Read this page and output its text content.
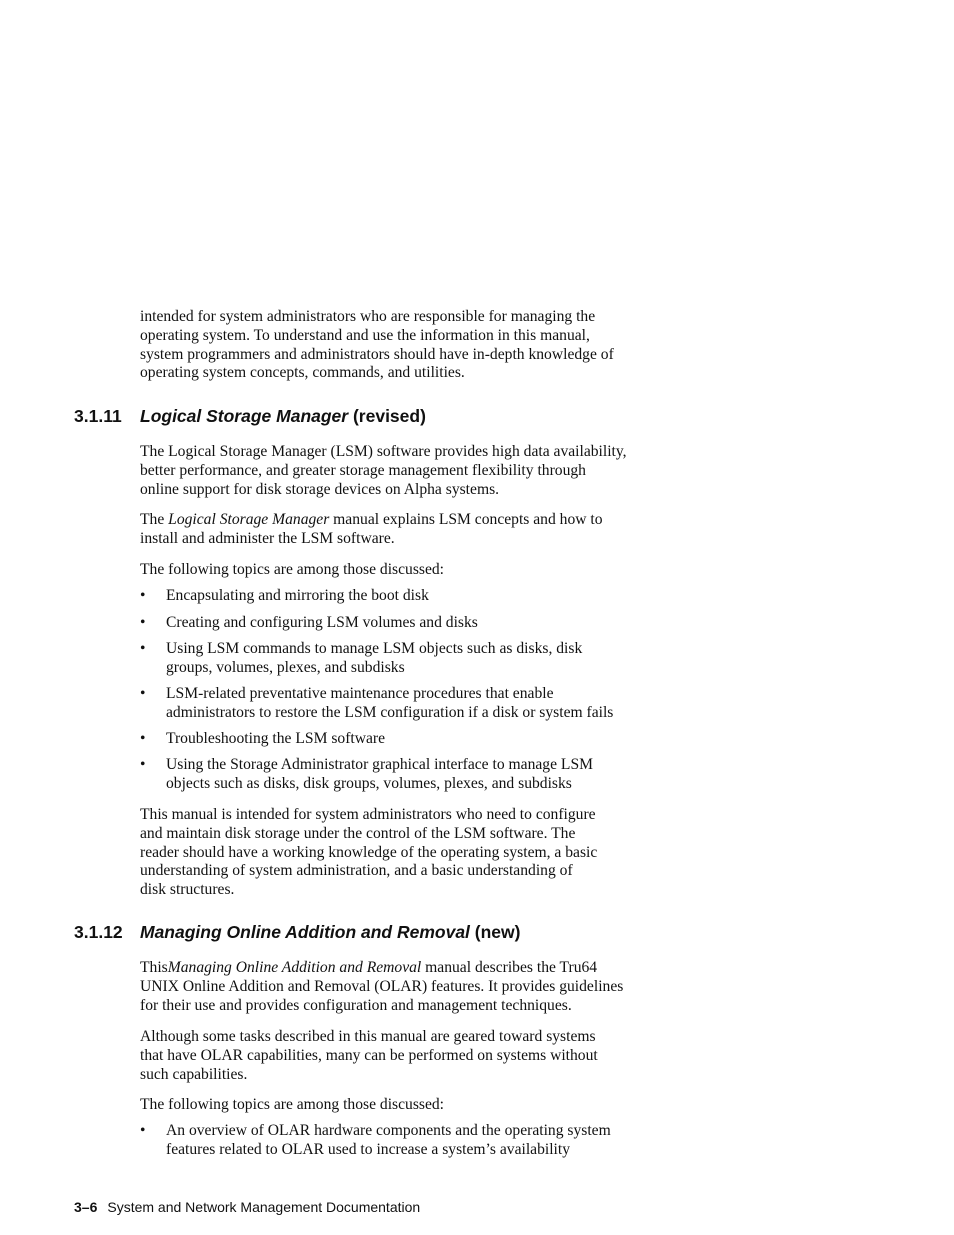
intended for system administrators who are responsible for managing the

operating system. To understand and use the information in this manual,

system programmers and administrators should have in-depth knowledge of

operating system concepts, commands, and utilities.

3.1.11 Logical Storage Manager (revised)

The Logical Storage Manager (LSM) software provides high data availability,

better performance, and greater storage management flexibility through

online support for disk storage devices on Alpha systems.

The Logical Storage Manager manual explains LSM concepts and how to

install and administer the LSM software.

The following topics are among those discussed:

•	Encapsulating and mirroring the boot disk
•	Creating and configuring LSM volumes and disks
•	Using LSM commands to manage LSM objects such as disks, disk
groups, volumes, plexes, and subdisks
•	LSM-related preventative maintenance procedures that enable
administrators to restore the LSM configuration if a disk or system fails
•	Troubleshooting the LSM software
•	Using the Storage Administrator graphical interface to manage LSM
objects such as disks, disk groups, volumes, plexes, and subdisks

This manual is intended for system administrators who need to configure

and maintain disk storage under the control of the LSM software. The

reader should have a working knowledge of the operating system, a basic

understanding of system administration, and a basic understanding of

disk structures.

3.1.12 Managing Online Addition and Removal (new)

ThisManaging Online Addition and Removal manual describes the Tru64

UNIX Online Addition and Removal (OLAR) features. It provides guidelines

for their use and provides configuration and management techniques.

Although some tasks described in this manual are geared toward systems

that have OLAR capabilities, many can be performed on systems without

such capabilities.

The following topics are among those discussed:

•	An overview of OLAR hardware components and the operating system
features related to OLAR used to increase a system’s availability
3–6 System and Network Management Documentation
